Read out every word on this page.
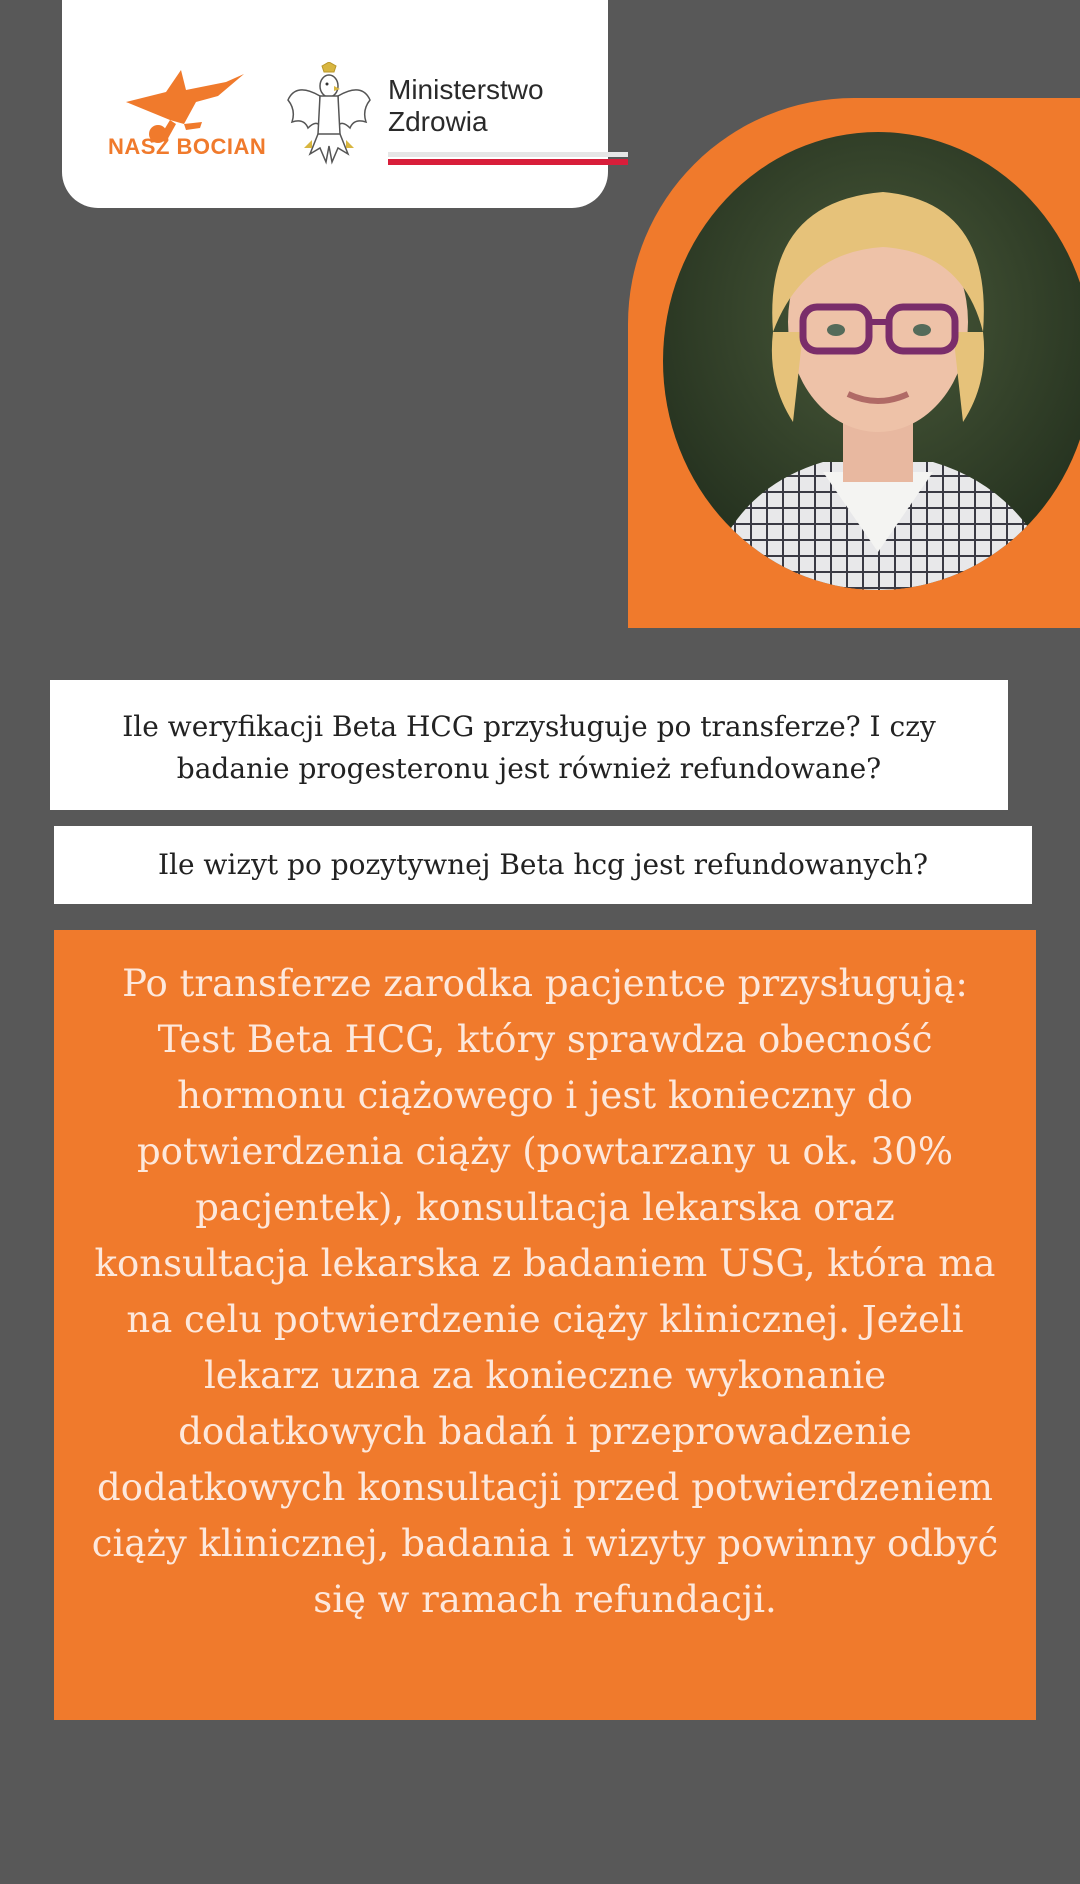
NASZ BOCIAN
Ministerstwo
Zdrowia
Ile weryfikacji Beta HCG przysługuje po transferze? I czy badanie progesteronu jest również refundowane?
Ile wizyt po pozytywnej Beta hcg jest refundowanych?
Po transferze zarodka pacjentce przysługują: Test Beta HCG, który sprawdza obecność hormonu ciążowego i jest konieczny do potwierdzenia ciąży (powtarzany u ok. 30% pacjentek), konsultacja lekarska oraz konsultacja lekarska z badaniem USG, która ma na celu potwierdzenie ciąży klinicznej. Jeżeli lekarz uzna za konieczne wykonanie dodatkowych badań i przeprowadzenie dodatkowych konsultacji przed potwierdzeniem ciąży klinicznej, badania i wizyty powinny odbyć się w ramach refundacji.
